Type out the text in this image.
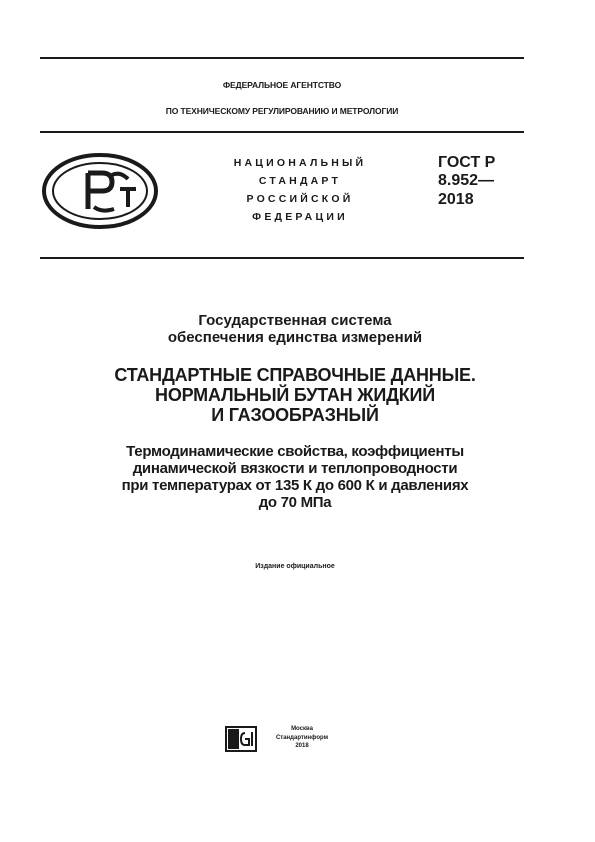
ФЕДЕРАЛЬНОЕ АГЕНТСТВО
ПО ТЕХНИЧЕСКОМУ РЕГУЛИРОВАНИЮ И МЕТРОЛОГИИ
НАЦИОНАЛЬНЫЙ
СТАНДАРТ
РОССИЙСКОЙ
ФЕДЕРАЦИИ
ГОСТ Р
8.952—
2018
Государственная система
обеспечения единства измерений
СТАНДАРТНЫЕ СПРАВОЧНЫЕ ДАННЫЕ.
НОРМАЛЬНЫЙ БУТАН ЖИДКИЙ
И ГАЗООБРАЗНЫЙ
Термодинамические свойства, коэффициенты
динамической вязкости и теплопроводности
при температурах от 135 К до 600 К и давлениях
до 70 МПа
Издание официальное
Москва
Стандартинформ
2018
